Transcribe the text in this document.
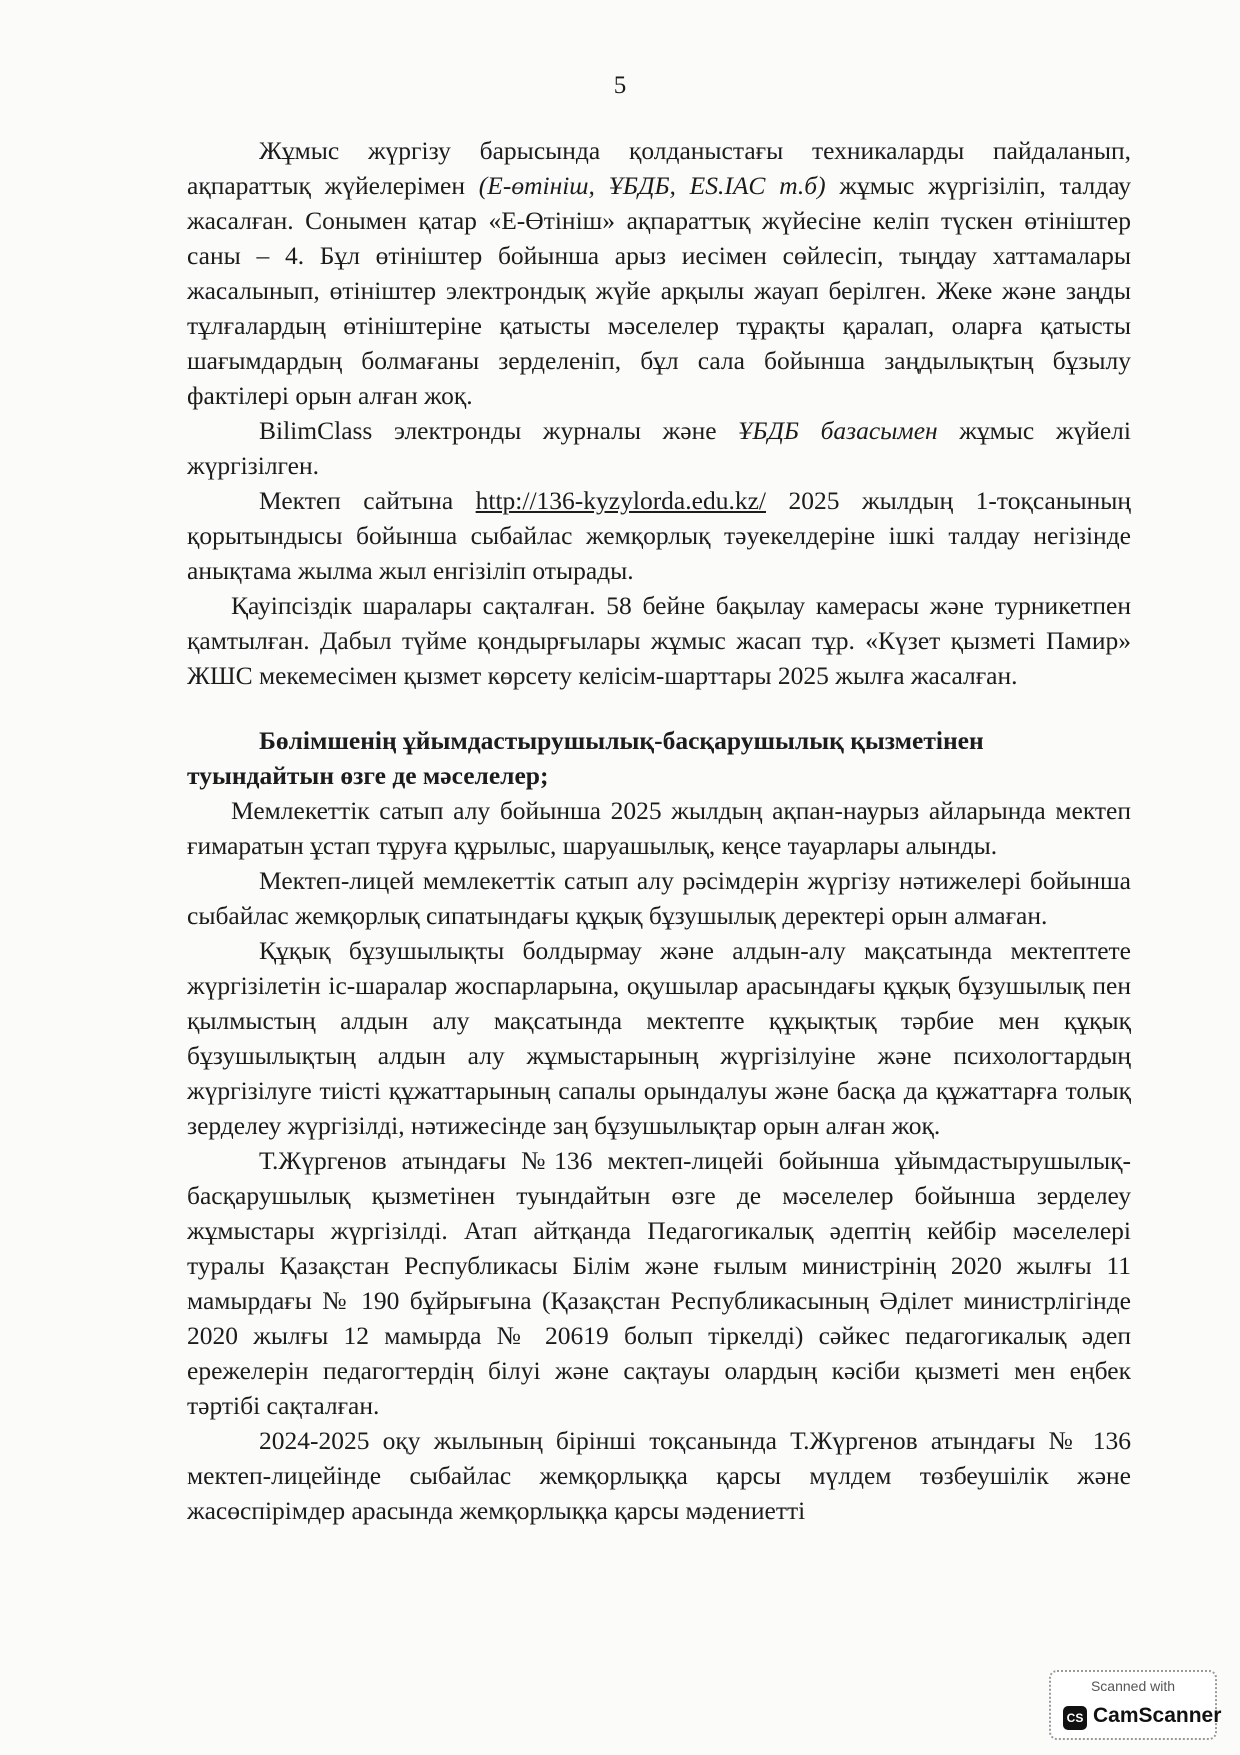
5

Жұмыс жүргізу барысында қолданыстағы техникаларды пайдаланып, ақпараттық жүйелерімен (Е-өтініш, ҰБДБ, ES.IAC т.б) жұмыс жүргізіліп, талдау жасалған. Сонымен қатар «Е-Өтініш» ақпараттық жүйесіне келіп түскен өтініштер саны – 4. Бұл өтініштер бойынша арыз иесімен сөйлесіп, тыңдау хаттамалары жасалынып, өтініштер электрондық жүйе арқылы жауап берілген. Жеке және заңды тұлғалардың өтініштеріне қатысты мәселелер тұрақты қаралап, оларға қатысты шағымдардың болмағаны зерделеніп, бұл сала бойынша заңдылықтың бұзылу фактілері орын алған жоқ.

BilimClass электронды журналы және ҰБДБ базасымен жұмыс жүйелі жүргізілген.

Мектеп сайтына http://136-kyzylorda.edu.kz/ 2025 жылдың 1-тоқсанының қорытындысы бойынша сыбайлас жемқорлық тәуекелдеріне ішкі талдау негізінде анықтама жылма жыл енгізіліп отырады.

Қауіпсіздік шаралары сақталған. 58 бейне бақылау камерасы және турникетпен қамтылған. Дабыл түйме қондырғылары жұмыс жасап тұр. «Күзет қызметі Памир» ЖШС мекемесімен қызмет көрсету келісім-шарттары 2025 жылға жасалған.

Бөлімшенің ұйымдастырушылық-басқарушылық қызметінен туындайтын өзге де мәселелер;

Мемлекеттік сатып алу бойынша 2025 жылдың ақпан-наурыз айларында мектеп ғимаратын ұстап тұруға құрылыс, шаруашылық, кеңсе тауарлары алынды.

Мектеп-лицей мемлекеттік сатып алу рәсімдерін жүргізу нәтижелері бойынша сыбайлас жемқорлық сипатындағы құқық бұзушылық деректері орын алмаған.

Құқық бұзушылықты болдырмау және алдын-алу мақсатында мектептете жүргізілетін іс-шаралар жоспарларына, оқушылар арасындағы құқық бұзушылық пен қылмыстың алдын алу мақсатында мектепте құқықтық тәрбие мен құқық бұзушылықтың алдын алу жұмыстарының жүргізілуіне және психологтардың жүргізілуге тиісті құжаттарының сапалы орындалуы және басқа да құжаттарға толық зерделеу жүргізілді, нәтижесінде заң бұзушылықтар орын алған жоқ.

Т.Жүргенов атындағы №136 мектеп-лицейі бойынша ұйымдастырушылық-басқарушылық қызметінен туындайтын өзге де мәселелер бойынша зерделеу жұмыстары жүргізілді. Атап айтқанда Педагогикалық әдептің кейбір мәселелері туралы Қазақстан Республикасы Білім және ғылым министрінің 2020 жылғы 11 мамырдағы № 190 бұйрығына (Қазақстан Республикасының Әділет министрлігінде 2020 жылғы 12 мамырда № 20619 болып тіркелді) сәйкес педагогикалық әдеп ережелерін педагогтердің білуі және сақтауы олардың кәсіби қызметі мен еңбек тәртібі сақталған.

2024-2025 оқу жылының бірінші тоқсанында Т.Жүргенов атындағы № 136 мектеп-лицейінде сыбайлас жемқорлыққа қарсы мүлдем төзбеушілік және жасөспірімдер арасында жемқорлыққа қарсы мәдениетті

Scanned with
CS CamScanner
